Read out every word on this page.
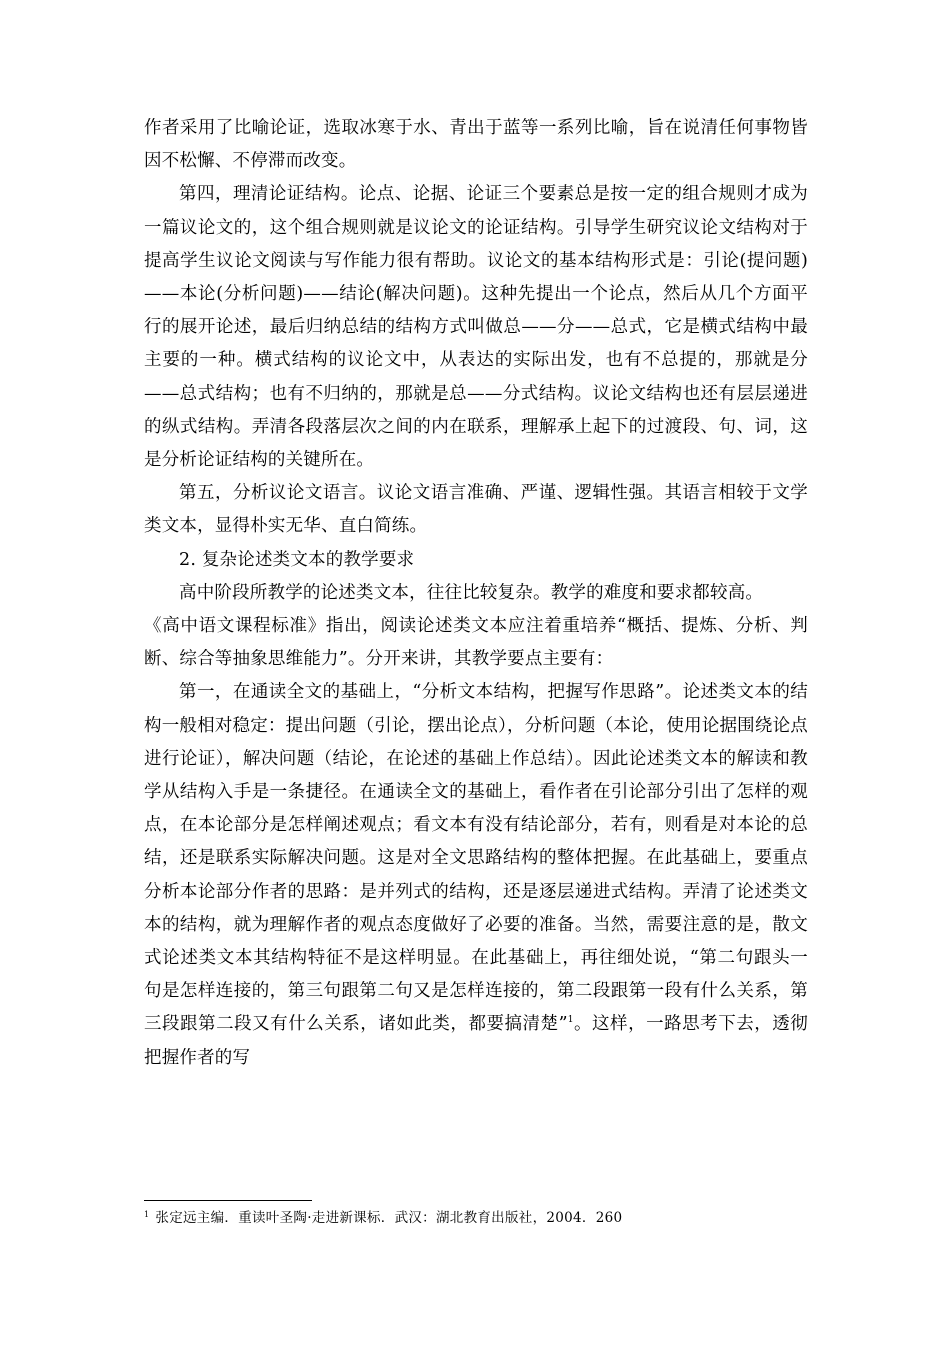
作者采用了比喻论证，选取冰寒于水、青出于蓝等一系列比喻，旨在说清任何事物皆因不松懈、不停滞而改变。

第四，理清论证结构。论点、论据、论证三个要素总是按一定的组合规则才成为一篇议论文的，这个组合规则就是议论文的论证结构。引导学生研究议论文结构对于提高学生议论文阅读与写作能力很有帮助。议论文的基本结构形式是：引论(提问题)——本论(分析问题)——结论(解决问题)。这种先提出一个论点，然后从几个方面平行的展开论述，最后归纳总结的结构方式叫做总——分——总式，它是横式结构中最主要的一种。横式结构的议论文中，从表达的实际出发，也有不总提的，那就是分——总式结构；也有不归纳的，那就是总——分式结构。议论文结构也还有层层递进的纵式结构。弄清各段落层次之间的内在联系，理解承上起下的过渡段、句、词，这是分析论证结构的关键所在。

第五，分析议论文语言。议论文语言准确、严谨、逻辑性强。其语言相较于文学类文本，显得朴实无华、直白简练。

2. 复杂论述类文本的教学要求

高中阶段所教学的论述类文本，往往比较复杂。教学的难度和要求都较高。

《高中语文课程标准》指出，阅读论述类文本应注着重培养“概括、提炼、分析、判断、综合等抽象思维能力”。分开来讲，其教学要点主要有：

第一，在通读全文的基础上，“分析文本结构，把握写作思路”。论述类文本的结构一般相对稳定：提出问题（引论，摆出论点），分析问题（本论，使用论据围绕论点进行论证），解决问题（结论，在论述的基础上作总结）。因此论述类文本的解读和教学从结构入手是一条捷径。在通读全文的基础上，看作者在引论部分引出了怎样的观点，在本论部分是怎样阐述观点；看文本有没有结论部分，若有，则看是对本论的总结，还是联系实际解决问题。这是对全文思路结构的整体把握。在此基础上，要重点分析本论部分作者的思路：是并列式的结构，还是逐层递进式结构。弄清了论述类文本的结构，就为理解作者的观点态度做好了必要的准备。当然，需要注意的是，散文式论述类文本其结构特征不是这样明显。在此基础上，再往细处说，“第二句跟头一句是怎样连接的，第三句跟第二句又是怎样连接的，第二段跟第一段有什么关系，第三段跟第二段又有什么关系，诸如此类，都要搞清楚”$^1$。这样，一路思考下去，透彻把握作者的写

$^1$ 张定远主编．重读叶圣陶·走进新课标．武汉：湖北教育出版社，2004．260
